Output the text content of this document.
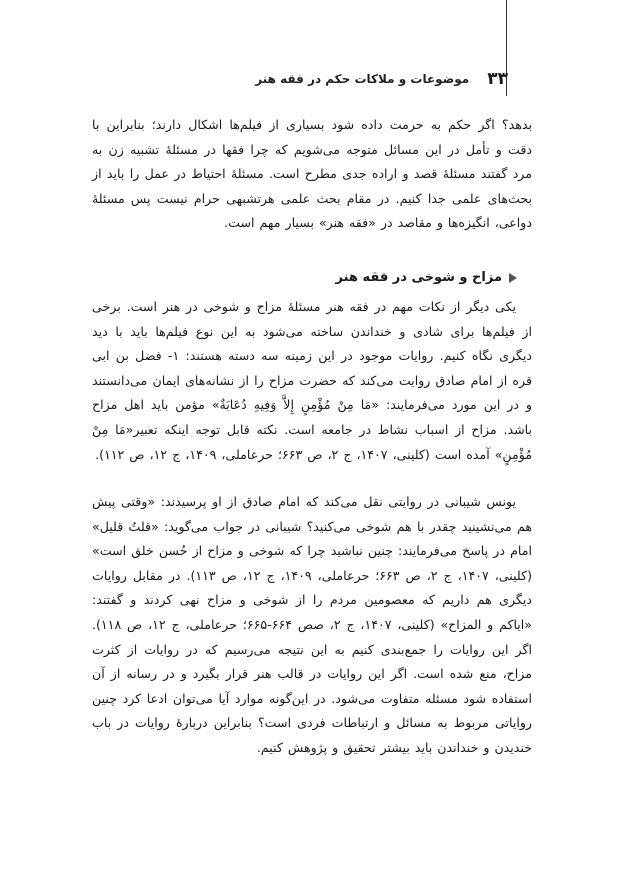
۳۳
موضوعات و ملاکات حکم در فقه هنر

بدهد؟ اگر حکم به حرمت داده شود بسیاری از فیلم‌ها اشکال دارند؛ بنابراین با دقت و تأمل در این مسائل متوجه می‌شویم که چرا فقها در مسئلهٔ تشبیه زن به مرد گفتند مسئلهٔ قصد و اراده جدی مطرح است. مسئلهٔ احتیاط در عمل را باید از بحث‌های علمی جدا کنیم. در مقام بحث علمی هرتشبهی حرام نیست پس مسئلهٔ دواعی، انگیزه‌ها و مقاصد در «فقه هنر» بسیار مهم است.

مزاح و شوخی در فقه هنر

یکی دیگر از نکات مهم در فقه هنر مسئلهٔ مزاح و شوخی در هنر است. برخی از فیلم‌ها برای شادی و خنداندن ساخته می‌شود به این نوع فیلم‌ها باید با دید دیگری نگاه کنیم. روایات موجود در این زمینه سه دسته هستند: ۱- فضل بن ابی قره از امام صادق روایت می‌کند که حضرت مزاح را از نشانه‌های ایمان می‌دانستند و در این مورد می‌فرمایند: «مَا مِنْ مُؤْمِنٍ إِلاَّ وَفِيهِ دُعَابَةٌ» مؤمن باید اهل مزاح باشد. مزاح از اسباب نشاط در جامعه است. نکته قابل توجه اینکه تعبیر«مَا مِنْ مُؤْمِنٍ» آمده است (کلینی، ۱۴۰۷، ج ۲، ص ۶۶۳؛ حرعاملی، ۱۴۰۹، ج ۱۲، ص ۱۱۲).

یونس شیبانی در روایتی نقل می‌کند که امام صادق از او پرسیدند: «وقتی پیش هم می‌نشینید چقدر با هم شوخی می‌کنید؟ شیبانی در جواب می‌گوید: «قلتُ قلیل» امام در پاسخ می‌فرمایند: چنین نباشید چرا که شوخی و مزاح از حُسن خلق است» (کلینی، ۱۴۰۷، ج ۲، ص ۶۶۳؛ حرعاملی، ۱۴۰۹، ج ۱۲، ص ۱۱۳). در مقابل روایات دیگری هم داریم که معصومین مردم را از شوخی و مزاح نهی کردند و گفتند: «ایاکم و المزاح» (کلینی، ۱۴۰۷، ج ۲، صص ۶۶۴-۶۶۵؛ حرعاملی، ج ۱۲، ص ۱۱۸). اگر این روایات را جمع‌بندی کنیم به این نتیجه می‌رسیم که در روایات از کثرت مزاح، منع شده است. اگر این روایات در قالب هنر قرار بگیرد و در رسانه از آن استفاده شود مسئله متفاوت می‌شود. در این‌گونه موارد آیا می‌توان ادعا کرد چنین روایاتی مربوط به مسائل و ارتباطات فردی است؟ بنابراین دربارهٔ روایات در باب خندیدن و خنداندن باید بیشتر تحقیق و پژوهش کنیم.
